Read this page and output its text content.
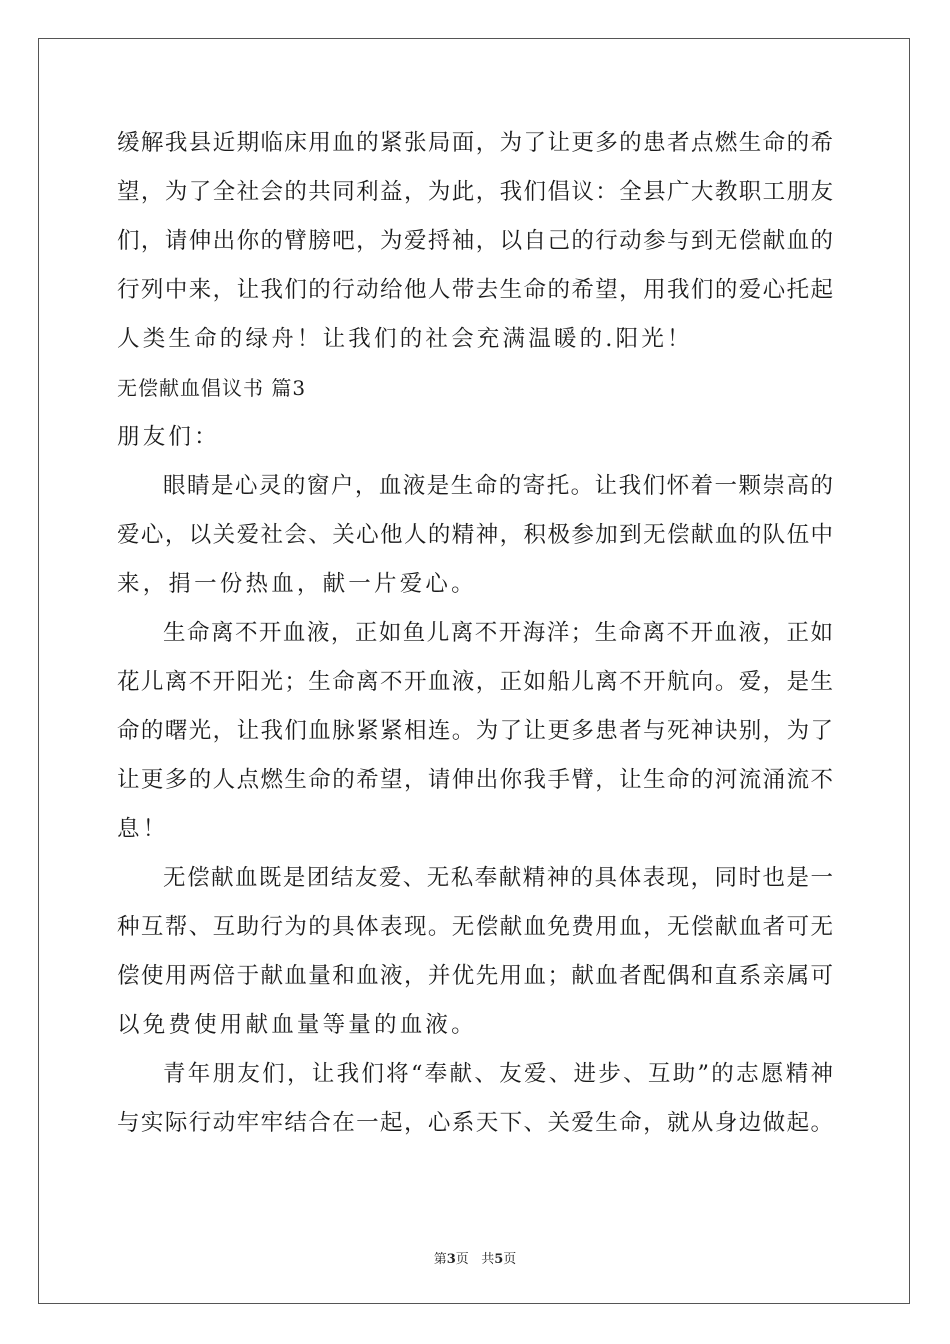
缓解我县近期临床用血的紧张局面，为了让更多的患者点燃生命的希
望，为了全社会的共同利益，为此，我们倡议：全县广大教职工朋友
们，请伸出你的臂膀吧，为爱捋袖，以自己的行动参与到无偿献血的
行列中来，让我们的行动给他人带去生命的希望，用我们的爱心托起
人类生命的绿舟！让我们的社会充满温暖的.阳光！
无偿献血倡议书 篇3
朋友们：
眼睛是心灵的窗户，血液是生命的寄托。让我们怀着一颗崇高的
爱心，以关爱社会、关心他人的精神，积极参加到无偿献血的队伍中
来，捐一份热血，献一片爱心。
生命离不开血液，正如鱼儿离不开海洋；生命离不开血液，正如
花儿离不开阳光；生命离不开血液，正如船儿离不开航向。爱，是生
命的曙光，让我们血脉紧紧相连。为了让更多患者与死神诀别，为了
让更多的人点燃生命的希望，请伸出你我手臂，让生命的河流涌流不
息！
无偿献血既是团结友爱、无私奉献精神的具体表现，同时也是一
种互帮、互助行为的具体表现。无偿献血免费用血，无偿献血者可无
偿使用两倍于献血量和血液，并优先用血；献血者配偶和直系亲属可
以免费使用献血量等量的血液。
青年朋友们，让我们将“奉献、友爱、进步、互助”的志愿精神
与实际行动牢牢结合在一起，心系天下、关爱生命，就从身边做起。
第3页 共5页
